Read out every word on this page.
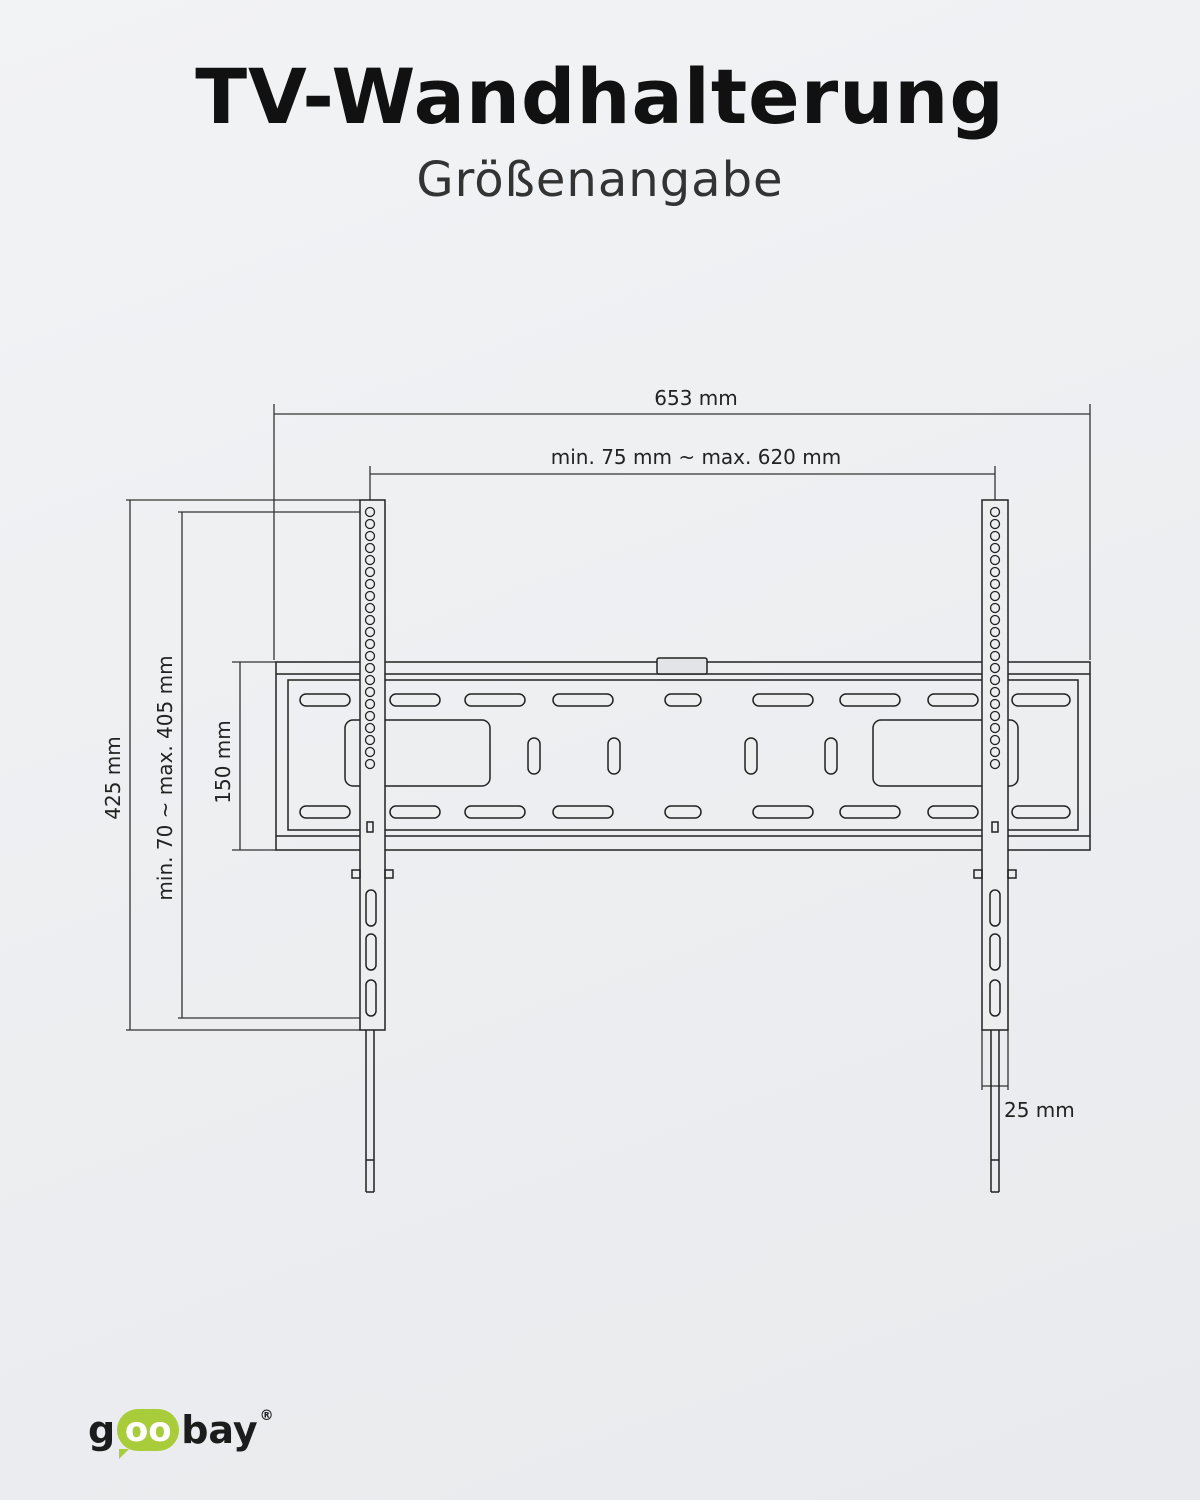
TV-Wandhalterung
Größenangabe
653 mm
min. 75 mm ~ max. 620 mm
425 mm min. 70 ~ max. 405 mm 150 mm
25 mm
g oo bay ®
